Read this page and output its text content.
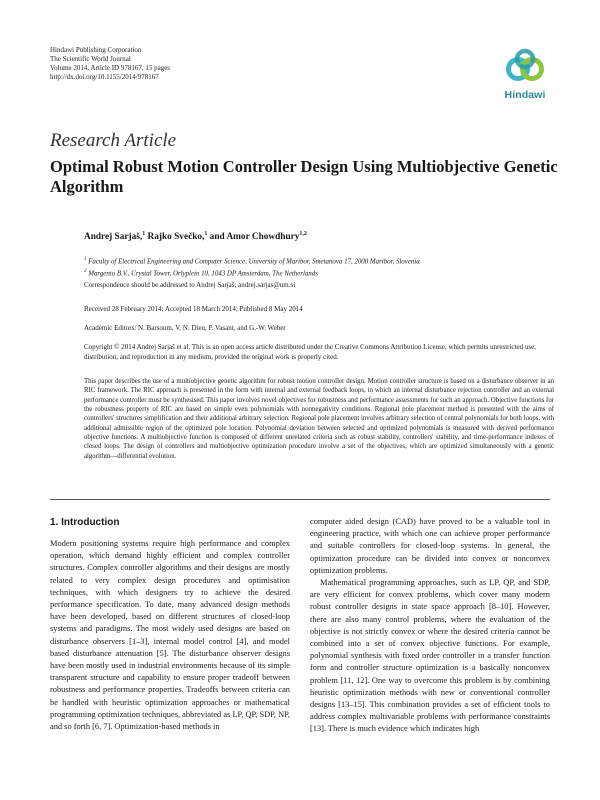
Hindawi Publishing Corporation
The Scientific World Journal
Volume 2014, Article ID 978167, 15 pages
http://dx.doi.org/10.1155/2014/978167
Hindawi
Research Article
Optimal Robust Motion Controller Design Using Multiobjective Genetic Algorithm
Andrej Sarjaš,$^1$ Rajko Svečko,$^1$ and Amor Chowdhury$^{1,2}$
$^1$ Faculty of Electrical Engineering and Computer Science, University of Maribor, Smetanova 17, 2000 Maribor, Slovenia
$^2$ Margento B.V., Crystal Tower, Orlyplein 10, 1043 DP Amsterdam, The Netherlands
Correspondence should be addressed to Andrej Sarjaš; andrej.sarjas@um.si
Received 28 February 2014; Accepted 18 March 2014; Published 8 May 2014
Academic Editors: N. Barsoum, V. N. Dieu, P. Vasant, and G.-W. Weber
Copyright © 2014 Andrej Sarjaš et al. This is an open access article distributed under the Creative Commons Attribution License, which permits unrestricted use, distribution, and reproduction in any medium, provided the original work is properly cited.
This paper describes the use of a multiobjective genetic algorithm for robust motion controller design. Motion controller structure is based on a disturbance observer in an RIC framework. The RIC approach is presented in the form with internal and external feedback loops, in which an internal disturbance rejection controller and an external performance controller must be synthesised. This paper involves novel objectives for robustness and performance assessments for such an approach. Objective functions for the robustness property of RIC are based on simple even polynomials with nonnegativity conditions. Regional pole placement method is presented with the aims of controllers' structures simplification and their additional arbitrary selection. Regional pole placement involves arbitrary selection of central polynomials for both loops, with additional admissible region of the optimized pole location. Polynomial deviation between selected and optimized polynomials is measured with derived performance objective functions. A multiobjective function is composed of different unrelated criteria such as robust stability, controllers' stability, and time-performance indexes of closed loops. The design of controllers and multiobjective optimization procedure involve a set of the objectives, which are optimized simultaneously with a genetic algorithm—differential evolution.
1. Introduction

Modern positioning systems require high performance and complex operation, which demand highly efficient and complex controller structures. Complex controller algorithms and their designs are mostly related to very complex design procedures and optimisation techniques, with which designers try to achieve the desired performance specification. To date, many advanced design methods have been developed, based on different structures of closed-loop systems and paradigms. The most widely used designs are based on disturbance observers [1–3], internal model control [4], and model based disturbance attenuation [5]. The disturbance observer designs have been mostly used in industrial environments because of its simple transparent structure and capability to ensure proper tradeoff between robustness and performance properties. Tradeoffs between criteria can be handled with heuristic optimization approaches or mathematical programming optimization techniques, abbreviated as LP, QP, SDP, NP, and so forth [6, 7]. Optimization-based methods in

computer aided design (CAD) have proved to be a valuable tool in engineering practice, with which one can achieve proper performance and suitable controllers for closed-loop systems. In general, the optimization procedure can be divided into convex or nonconvex optimization problems.

Mathematical programming approaches, such as LP, QP, and SDP, are very efficient for convex problems, which cover many modern robust controller designs in state space approach [8–10]. However, there are also many control problems, where the evaluation of the objective is not strictly convex or where the desired criteria cannot be combined into a set of convex objective functions. For example, polynomial synthesis with fixed order controller in a transfer function form and controller structure optimization is a basically nonconvex problem [11, 12]. One way to overcome this problem is by combining heuristic optimization methods with new or conventional controller designs [13–15]. This combination provides a set of efficient tools to address complex multivariable problems with performance constraints [13]. There is much evidence which indicates high
